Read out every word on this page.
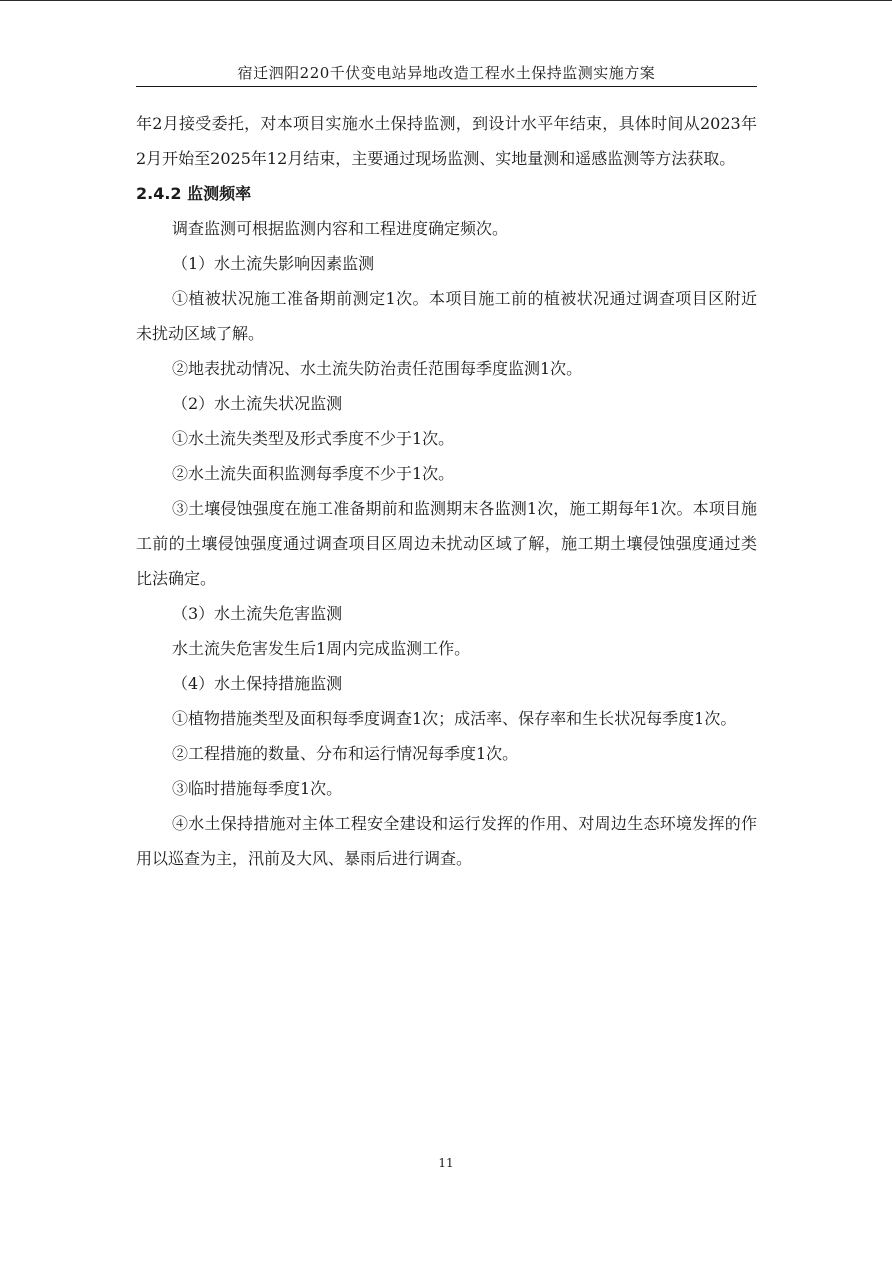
宿迁泗阳220千伏变电站异地改造工程水土保持监测实施方案

年2月接受委托，对本项目实施水土保持监测，到设计水平年结束，具体时间从2023年2月开始至2025年12月结束，主要通过现场监测、实地量测和遥感监测等方法获取。

2.4.2 监测频率

调查监测可根据监测内容和工程进度确定频次。

（1）水土流失影响因素监测

①植被状况施工准备期前测定1次。本项目施工前的植被状况通过调查项目区附近未扰动区域了解。

②地表扰动情况、水土流失防治责任范围每季度监测1次。

（2）水土流失状况监测

①水土流失类型及形式季度不少于1次。

②水土流失面积监测每季度不少于1次。

③土壤侵蚀强度在施工准备期前和监测期末各监测1次，施工期每年1次。本项目施工前的土壤侵蚀强度通过调查项目区周边未扰动区域了解，施工期土壤侵蚀强度通过类比法确定。

（3）水土流失危害监测

水土流失危害发生后1周内完成监测工作。

（4）水土保持措施监测

①植物措施类型及面积每季度调查1次；成活率、保存率和生长状况每季度1次。

②工程措施的数量、分布和运行情况每季度1次。

③临时措施每季度1次。

④水土保持措施对主体工程安全建设和运行发挥的作用、对周边生态环境发挥的作用以巡查为主，汛前及大风、暴雨后进行调查。

11
